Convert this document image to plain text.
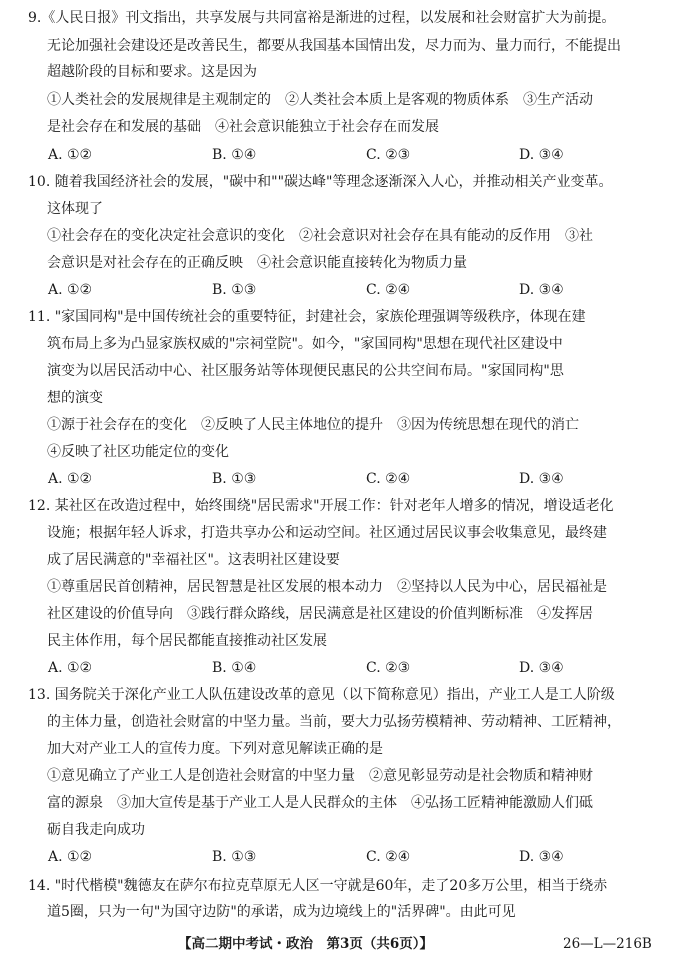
9.《人民日报》刊文指出，共享发展与共同富裕是渐进的过程，以发展和社会财富扩大为前提。
无论加强社会建设还是改善民生，都要从我国基本国情出发，尽力而为、量力而行，不能提出
超越阶段的目标和要求。这是因为
①人类社会的发展规律是主观制定的　②人类社会本质上是客观的物质体系　③生产活动
是社会存在和发展的基础　④社会意识能独立于社会存在而发展
A. ①②	B. ①④	C. ②③	D. ③④
10. 随着我国经济社会的发展，"碳中和""碳达峰"等理念逐渐深入人心，并推动相关产业变革。
这体现了
①社会存在的变化决定社会意识的变化　②社会意识对社会存在具有能动的反作用　③社
会意识是对社会存在的正确反映　④社会意识能直接转化为物质力量
A. ①②	B. ①③	C. ②④	D. ③④
11. "家国同构"是中国传统社会的重要特征，封建社会，家族伦理强调等级秩序，体现在建
筑布局上多为凸显家族权威的"宗祠堂院"。如今，"家国同构"思想在现代社区建设中
演变为以居民活动中心、社区服务站等体现便民惠民的公共空间布局。"家国同构"思
想的演变
①源于社会存在的变化　②反映了人民主体地位的提升　③因为传统思想在现代的消亡
④反映了社区功能定位的变化
A. ①②	B. ①③	C. ②④	D. ③④
12. 某社区在改造过程中，始终围绕"居民需求"开展工作：针对老年人增多的情况，增设适老化
设施；根据年轻人诉求，打造共享办公和运动空间。社区通过居民议事会收集意见，最终建
成了居民满意的"幸福社区"。这表明社区建设要
①尊重居民首创精神，居民智慧是社区发展的根本动力　②坚持以人民为中心，居民福祉是
社区建设的价值导向　③践行群众路线，居民满意是社区建设的价值判断标准　④发挥居
民主体作用，每个居民都能直接推动社区发展
A. ①②	B. ①④	C. ②③	D. ③④
13. 国务院关于深化产业工人队伍建设改革的意见（以下简称意见）指出，产业工人是工人阶级
的主体力量，创造社会财富的中坚力量。当前，要大力弘扬劳模精神、劳动精神、工匠精神，
加大对产业工人的宣传力度。下列对意见解读正确的是
①意见确立了产业工人是创造社会财富的中坚力量　②意见彰显劳动是社会物质和精神财
富的源泉　③加大宣传是基于产业工人是人民群众的主体　④弘扬工匠精神能激励人们砥
砺自我走向成功
A. ①②	B. ①③	C. ②④	D. ③④
14. "时代楷模"魏德友在萨尔布拉克草原无人区一守就是60年，走了20多万公里，相当于绕赤
道5圈，只为一句"为国守边防"的承诺，成为边境线上的"活界碑"。由此可见
【高二期中考试・政治　第3页（共6页）】	26—L—216B
